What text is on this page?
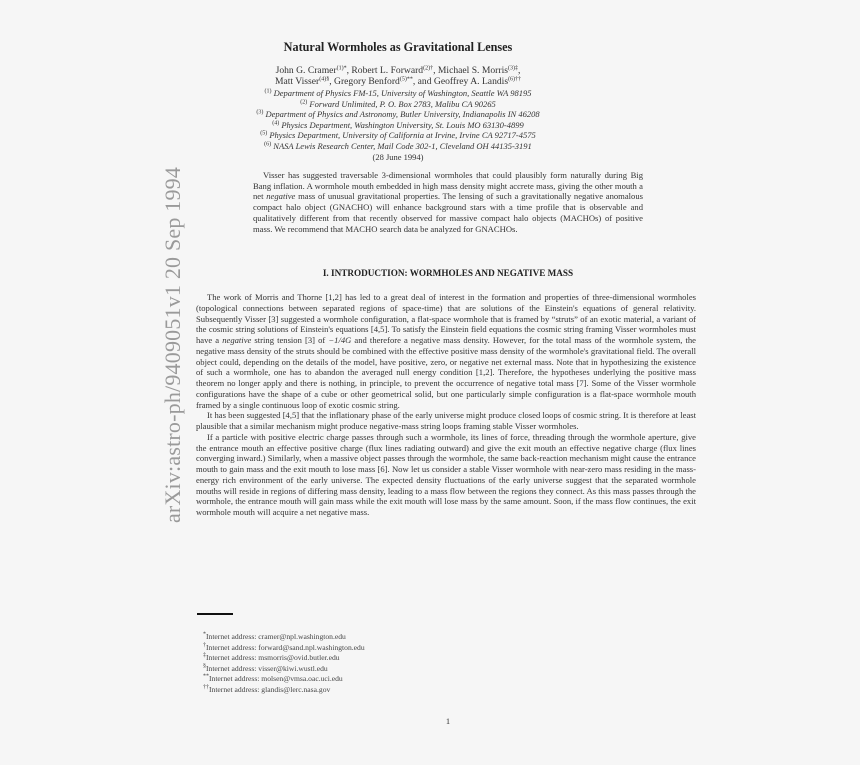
arXiv:astro-ph/9409051v1 20 Sep 1994
Natural Wormholes as Gravitational Lenses
John G. Cramer$^{(1)*}$, Robert L. Forward$^{(2)\dagger}$, Michael S. Morris$^{(3)\ddagger}$,
Matt Visser$^{(4)\S}$, Gregory Benford$^{(5)**}$, and Geoffrey A. Landis$^{(6)\dagger\dagger}$
$^{(1)}$ Department of Physics FM-15, University of Washington, Seattle WA 98195
$^{(2)}$ Forward Unlimited, P. O. Box 2783, Malibu CA 90265
$^{(3)}$ Department of Physics and Astronomy, Butler University, Indianapolis IN 46208
$^{(4)}$ Physics Department, Washington University, St. Louis MO 63130-4899
$^{(5)}$ Physics Department, University of California at Irvine, Irvine CA 92717-4575
$^{(6)}$ NASA Lewis Research Center, Mail Code 302-1, Cleveland OH 44135-3191
(28 June 1994)
Visser has suggested traversable 3-dimensional wormholes that could plausibly form naturally during Big Bang inflation. A wormhole mouth embedded in high mass density might accrete mass, giving the other mouth a net negative mass of unusual gravitational properties. The lensing of such a gravitationally negative anomalous compact halo object (GNACHO) will enhance background stars with a time profile that is observable and qualitatively different from that recently observed for massive compact halo objects (MACHOs) of positive mass. We recommend that MACHO search data be analyzed for GNACHOs.
I. INTRODUCTION: WORMHOLES AND NEGATIVE MASS

The work of Morris and Thorne [1,2] has led to a great deal of interest in the formation and properties of three-dimensional wormholes (topological connections between separated regions of space-time) that are solutions of the Einstein's equations of general relativity. Subsequently Visser [3] suggested a wormhole configuration, a flat-space wormhole that is framed by “struts” of an exotic material, a variant of the cosmic string solutions of Einstein's equations [4,5]. To satisfy the Einstein field equations the cosmic string framing Visser wormholes must have a negative string tension [3] of −1/4G and therefore a negative mass density. However, for the total mass of the wormhole system, the negative mass density of the struts should be combined with the effective positive mass density of the wormhole's gravitational field. The overall object could, depending on the details of the model, have positive, zero, or negative net external mass. Note that in hypothesizing the existence of such a wormhole, one has to abandon the averaged null energy condition [1,2]. Therefore, the hypotheses underlying the positive mass theorem no longer apply and there is nothing, in principle, to prevent the occurrence of negative total mass [7]. Some of the Visser wormhole configurations have the shape of a cube or other geometrical solid, but one particularly simple configuration is a flat-space wormhole mouth framed by a single continuous loop of exotic cosmic string.

It has been suggested [4,5] that the inflationary phase of the early universe might produce closed loops of cosmic string. It is therefore at least plausible that a similar mechanism might produce negative-mass string loops framing stable Visser wormholes.

If a particle with positive electric charge passes through such a wormhole, its lines of force, threading through the wormhole aperture, give the entrance mouth an effective positive charge (flux lines radiating outward) and give the exit mouth an effective negative charge (flux lines converging inward.) Similarly, when a massive object passes through the wormhole, the same back-reaction mechanism might cause the entrance mouth to gain mass and the exit mouth to lose mass [6]. Now let us consider a stable Visser wormhole with near-zero mass residing in the mass-energy rich environment of the early universe. The expected density fluctuations of the early universe suggest that the separated wormhole mouths will reside in regions of differing mass density, leading to a mass flow between the regions they connect. As this mass passes through the wormhole, the entrance mouth will gain mass while the exit mouth will lose mass by the same amount. Soon, if the mass flow continues, the exit wormhole mouth will acquire a net negative mass.

*Internet address: cramer@npl.washington.edu
†Internet address: forward@sand.npl.washington.edu
‡Internet address: msmorris@ovid.butler.edu
§Internet address: visser@kiwi.wustl.edu
**Internet address: molsen@vmsa.oac.uci.edu
††Internet address: glandis@lerc.nasa.gov
1
